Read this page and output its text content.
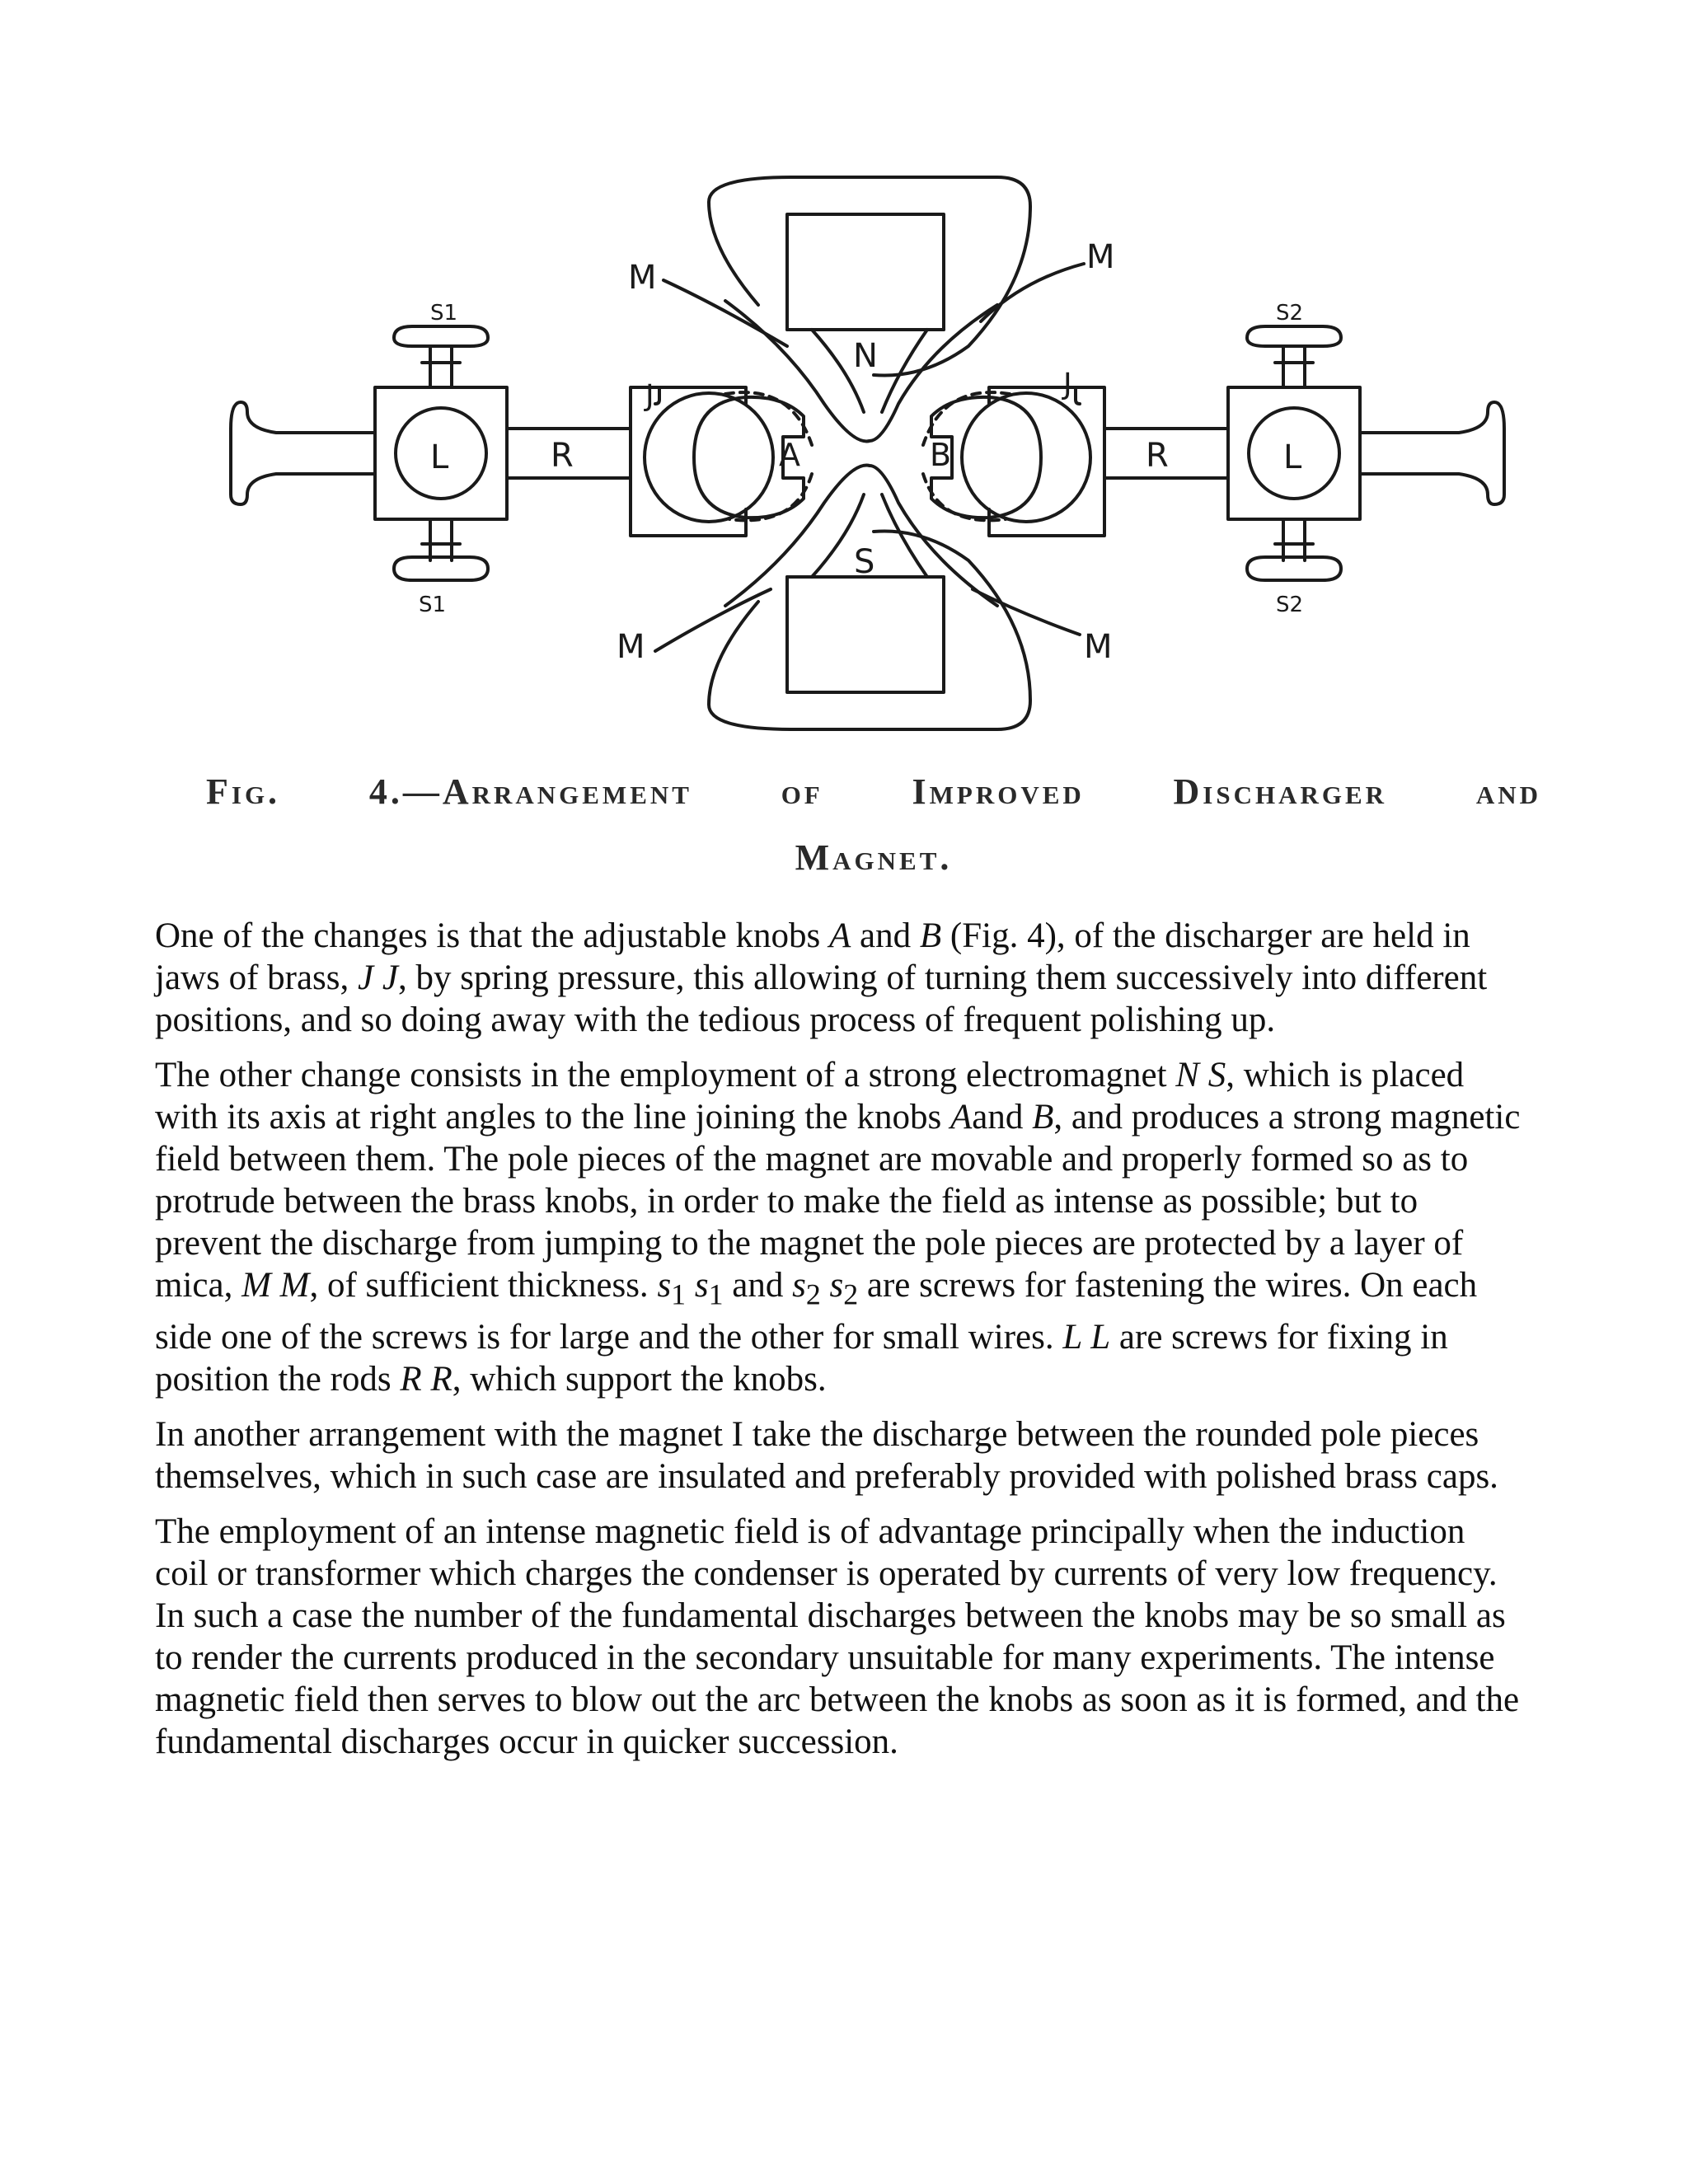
S1
S1
S2
S2
L	L
R	R
J	J
A	B
N
S
M
M
M	M
Fig. 4.—Arrangement of Improved Discharger and
Magnet.

One of the changes is that the adjustable knobs A and B (Fig. 4), of the discharger are held in jaws of brass, J J, by spring pressure, this allowing of turning them successively into different positions, and so doing away with the tedious process of frequent polishing up.

The other change consists in the employment of a strong electromagnet N S, which is placed with its axis at right angles to the line joining the knobs Aand B, and produces a strong magnetic field between them. The pole pieces of the magnet are movable and properly formed so as to protrude between the brass knobs, in order to make the field as intense as possible; but to prevent the discharge from jumping to the magnet the pole pieces are protected by a layer of mica, M M, of sufficient thickness. $s_1$ $s_1$ and $s_2$ $s_2$ are screws for fastening the wires. On each side one of the screws is for large and the other for small wires. L L are screws for fixing in position the rods R R, which support the knobs.

In another arrangement with the magnet I take the discharge between the rounded pole pieces themselves, which in such case are insulated and preferably provided with polished brass caps.

The employment of an intense magnetic field is of advantage principally when the induction coil or transformer which charges the condenser is operated by currents of very low frequency. In such a case the number of the fundamental discharges between the knobs may be so small as to render the currents produced in the secondary unsuitable for many experiments. The intense magnetic field then serves to blow out the arc between the knobs as soon as it is formed, and the fundamental discharges occur in quicker succession.
